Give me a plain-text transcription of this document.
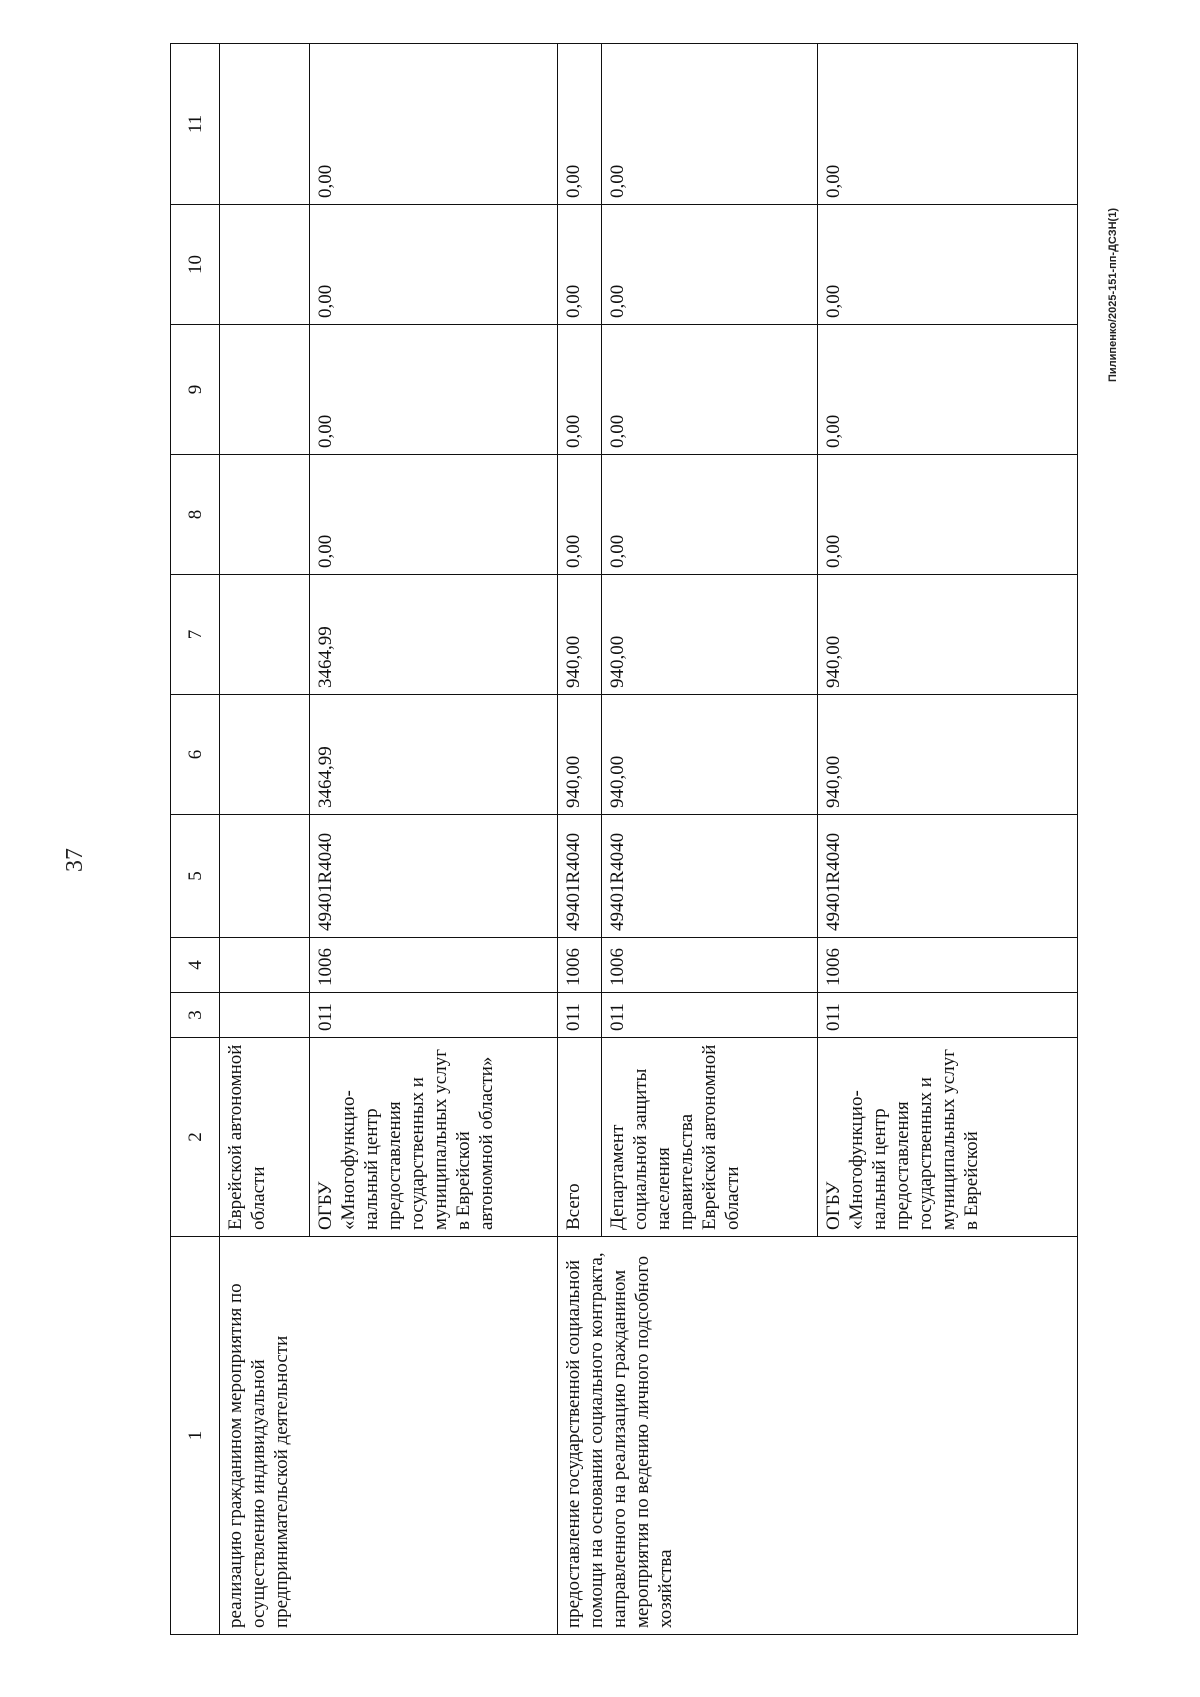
37
Пилипенко/2025-151-пп-ДСЗН(1)
1	2	3	4	5	6	7	8	9	10	11
реализацию гражданином мероприятия по осуществлению индивидуальной предпринимательской деятельности	Еврейской автономной области									
	ОГБУ «Многофункцио-нальный центр предоставления государственных и муниципальных услуг в Еврейской автономной области»	011	1006	49401R4040	3464,99	3464,99	0,00	0,00	0,00	0,00
предоставление государственной социальной помощи на основании социального контракта, направленного на реализацию гражданином мероприятия по ведению личного подсобного хозяйства	Всего	011	1006	49401R4040	940,00	940,00	0,00	0,00	0,00	0,00
	Департамент социальной защиты населения правительства Еврейской автономной области	011	1006	49401R4040	940,00	940,00	0,00	0,00	0,00	0,00
	ОГБУ «Многофункцио-нальный центр предоставления государственных и муниципальных услуг в Еврейской	011	1006	49401R4040	940,00	940,00	0,00	0,00	0,00	0,00
